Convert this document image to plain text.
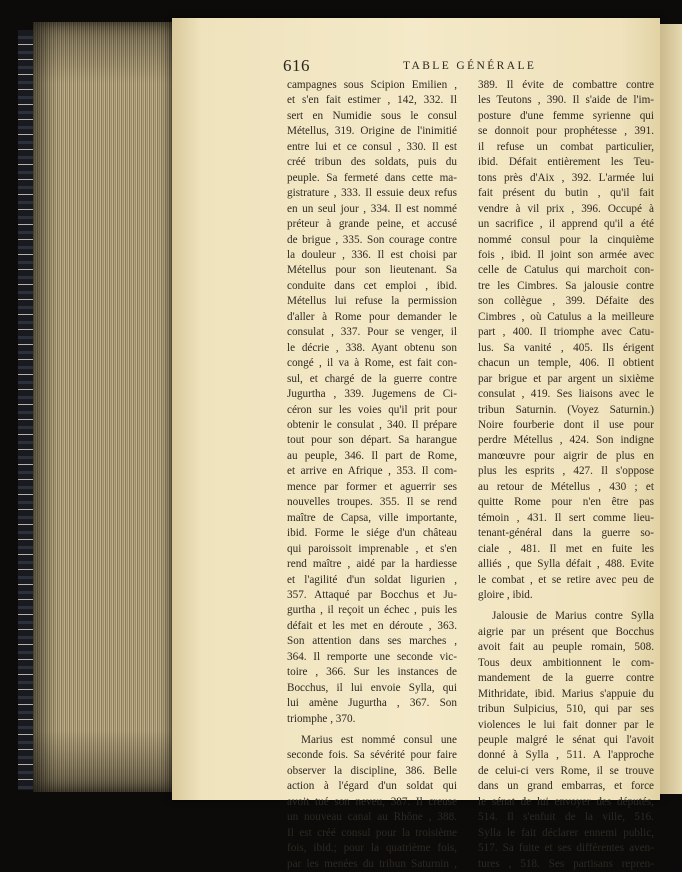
616	TABLE GÉNÉRALE
campagnes sous Scipion Emilien ,
et s'en fait estimer , 142, 332. Il
sert en Numidie sous le consul
Métellus, 319. Origine de l'inimitié
entre lui et ce consul , 330. Il est
créé tribun des soldats, puis du
peuple. Sa fermeté dans cette ma-
gistrature , 333. Il essuie deux refus
en un seul jour , 334. Il est nommé
préteur à grande peine, et accusé
de brigue , 335. Son courage contre
la douleur , 336. Il est choisi par
Métellus pour son lieutenant. Sa
conduite dans cet emploi , ibid.
Métellus lui refuse la permission
d'aller à Rome pour demander le
consulat , 337. Pour se venger, il
le décrie , 338. Ayant obtenu son
congé , il va à Rome, est fait con-
sul, et chargé de la guerre contre
Jugurtha , 339. Jugemens de Ci-
céron sur les voies qu'il prit pour
obtenir le consulat , 340. Il prépare
tout pour son départ. Sa harangue
au peuple, 346. Il part de Rome,
et arrive en Afrique , 353. Il com-
mence par former et aguerrir ses
nouvelles troupes. 355. Il se rend
maître de Capsa, ville importante,
ibid. Forme le siége d'un château
qui paroissoit imprenable , et s'en
rend maître , aidé par la hardiesse
et l'agilité d'un soldat ligurien ,
357. Attaqué par Bocchus et Ju-
gurtha , il reçoit un échec , puis les
défait et les met en déroute , 363.
Son attention dans ses marches ,
364. Il remporte une seconde vic-
toire , 366. Sur les instances de
Bocchus, il lui envoie Sylla, qui
lui amène Jugurtha , 367. Son
triomphe , 370.
Marius est nommé consul une
seconde fois. Sa sévérité pour faire
observer la discipline, 386. Belle
action à l'égard d'un soldat qui
avoit tué son neveu, 387. Il creuse
un nouveau canal au Rhône , 388.
Il est créé consul pour la troisième
fois, ibid.; pour la quatrième fois,
par les menées du tribun Saturnin ,
389. Il évite de combattre contre
les Teutons , 390. Il s'aide de l'im-
posture d'une femme syrienne qui
se donnoit pour prophétesse , 391.
il refuse un combat particulier,
ibid. Défait entièrement les Teu-
tons près d'Aix , 392. L'armée lui
fait présent du butin , qu'il fait
vendre à vil prix , 396. Occupé à
un sacrifice , il apprend qu'il a été
nommé consul pour la cinquième
fois , ibid. Il joint son armée avec
celle de Catulus qui marchoit con-
tre les Cimbres. Sa jalousie contre
son collègue , 399. Défaite des
Cimbres , où Catulus a la meilleure
part , 400. Il triomphe avec Catu-
lus. Sa vanité , 405. Ils érigent
chacun un temple, 406. Il obtient
par brigue et par argent un sixième
consulat , 419. Ses liaisons avec le
tribun Saturnin. (Voyez Saturnin.)
Noire fourberie dont il use pour
perdre Métellus , 424. Son indigne
manœuvre pour aigrir de plus en
plus les esprits , 427. Il s'oppose
au retour de Métellus , 430 ; et
quitte Rome pour n'en être pas
témoin , 431. Il sert comme lieu-
tenant-général dans la guerre so-
ciale , 481. Il met en fuite les
alliés , que Sylla défait , 488. Evite
le combat , et se retire avec peu de
gloire , ibid.
Jalousie de Marius contre Sylla
aigrie par un présent que Bocchus
avoit fait au peuple romain, 508.
Tous deux ambitionnent le com-
mandement de la guerre contre
Mithridate, ibid. Marius s'appuie du
tribun Sulpicius, 510, qui par ses
violences le lui fait donner par le
peuple malgré le sénat qui l'avoit
donné à Sylla , 511. A l'approche
de celui-ci vers Rome, il se trouve
dans un grand embarras, et force
le sénat de lui envoyer des députés,
514. Il s'enfuit de la ville, 516.
Sylla le fait déclarer ennemi public,
517. Sa fuite et ses différentes aven-
tures , 518. Ses partisans repren-
